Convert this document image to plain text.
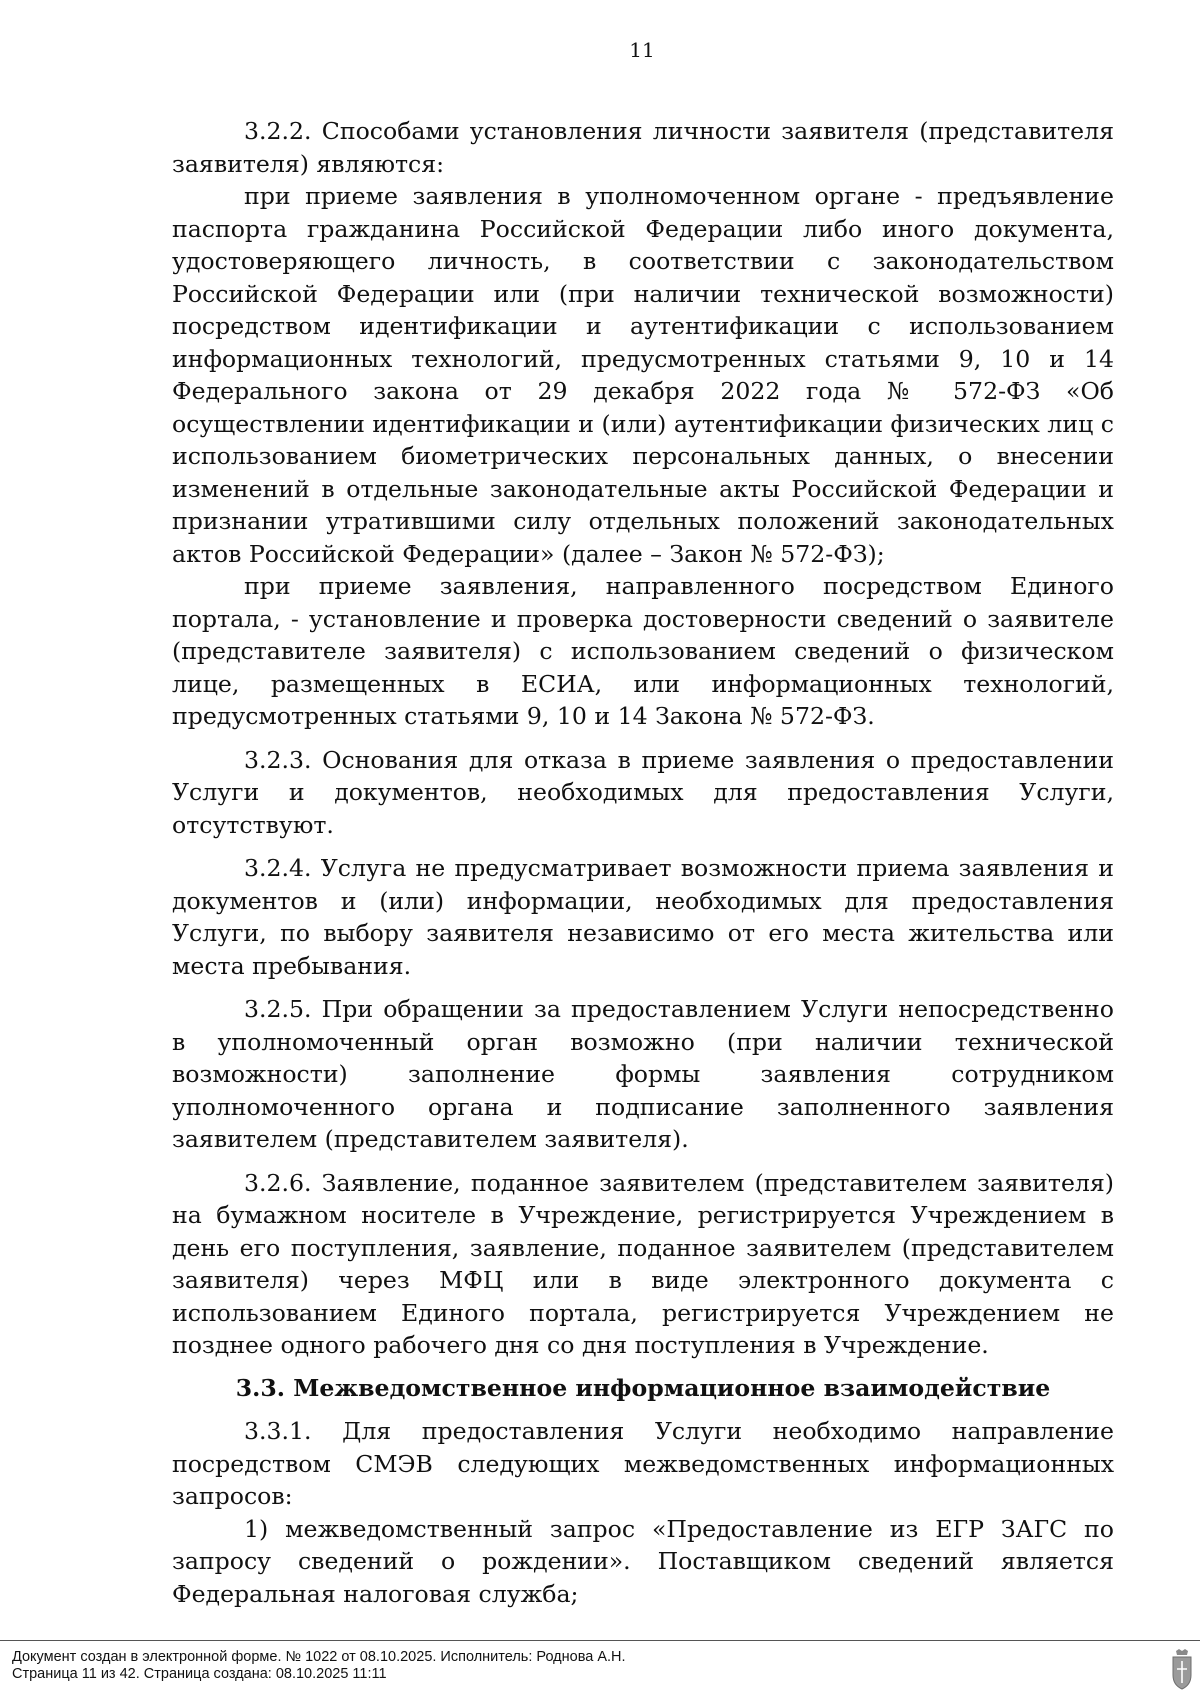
11

3.2.2. Способами установления личности заявителя (представителя заявителя) являются:

при приеме заявления в уполномоченном органе - предъявление паспорта гражданина Российской Федерации либо иного документа, удостоверяющего личность, в соответствии с законодательством Российской Федерации или (при наличии технической возможности) посредством идентификации и аутентификации с использованием информационных технологий, предусмотренных статьями 9, 10 и 14 Федерального закона от 29 декабря 2022 года № 572-ФЗ «Об осуществлении идентификации и (или) аутентификации физических лиц с использованием биометрических персональных данных, о внесении изменений в отдельные законодательные акты Российской Федерации и признании утратившими силу отдельных положений законодательных актов Российской Федерации» (далее – Закон № 572-ФЗ);

при приеме заявления, направленного посредством Единого портала, - установление и проверка достоверности сведений о заявителе (представителе заявителя) с использованием сведений о физическом лице, размещенных в ЕСИА, или информационных технологий, предусмотренных статьями 9, 10 и 14 Закона № 572-ФЗ.

3.2.3. Основания для отказа в приеме заявления о предоставлении Услуги и документов, необходимых для предоставления Услуги, отсутствуют.

3.2.4. Услуга не предусматривает возможности приема заявления и документов и (или) информации, необходимых для предоставления Услуги, по выбору заявителя независимо от его места жительства или места пребывания.

3.2.5. При обращении за предоставлением Услуги непосредственно в уполномоченный орган возможно (при наличии технической возможности) заполнение формы заявления сотрудником уполномоченного органа и подписание заполненного заявления заявителем (представителем заявителя).

3.2.6. Заявление, поданное заявителем (представителем заявителя) на бумажном носителе в Учреждение, регистрируется Учреждением в день его поступления, заявление, поданное заявителем (представителем заявителя) через МФЦ или в виде электронного документа с использованием Единого портала, регистрируется Учреждением не позднее одного рабочего дня со дня поступления в Учреждение.

3.3. Межведомственное информационное взаимодействие

3.3.1. Для предоставления Услуги необходимо направление посредством СМЭВ следующих межведомственных информационных запросов:

1) межведомственный запрос «Предоставление из ЕГР ЗАГС по запросу сведений о рождении». Поставщиком сведений является Федеральная налоговая служба;

Документ создан в электронной форме. № 1022 от 08.10.2025. Исполнитель: Роднова А.Н.
Страница 11 из 42. Страница создана: 08.10.2025 11:11
